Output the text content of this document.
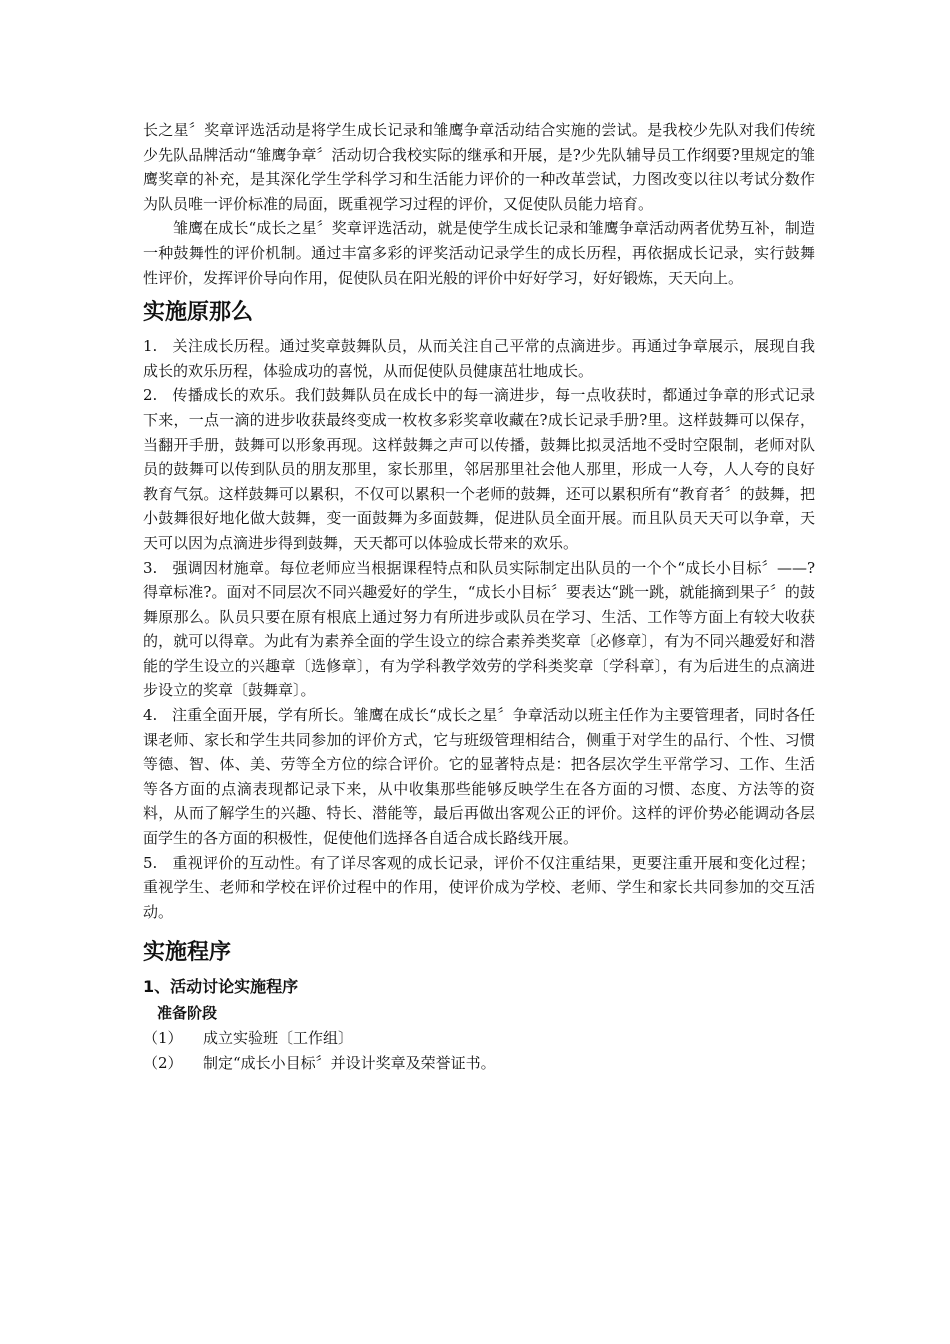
长之星〞奖章评选活动是将学生成长记录和雏鹰争章活动结合实施的尝试。是我校少先队对我们传统少先队品牌活动“雏鹰争章〞活动切合我校实际的继承和开展，是?少先队辅导员工作纲要?里规定的雏鹰奖章的补充，是其深化学生学科学习和生活能力评价的一种改革尝试，力图改变以往以考试分数作为队员唯一评价标准的局面，既重视学习过程的评价，又促使队员能力培育。

雏鹰在成长“成长之星〞奖章评选活动，就是使学生成长记录和雏鹰争章活动两者优势互补，制造一种鼓舞性的评价机制。通过丰富多彩的评奖活动记录学生的成长历程，再依据成长记录，实行鼓舞性评价，发挥评价导向作用，促使队员在阳光般的评价中好好学习，好好锻炼，天天向上。

实施原那么

1.   关注成长历程。通过奖章鼓舞队员，从而关注自己平常的点滴进步。再通过争章展示，展现自我成长的欢乐历程，体验成功的喜悦，从而促使队员健康茁壮地成长。

2.   传播成长的欢乐。我们鼓舞队员在成长中的每一滴进步，每一点收获时，都通过争章的形式记录下来，一点一滴的进步收获最终变成一枚枚多彩奖章收藏在?成长记录手册?里。这样鼓舞可以保存，当翻开手册，鼓舞可以形象再现。这样鼓舞之声可以传播，鼓舞比拟灵活地不受时空限制，老师对队员的鼓舞可以传到队员的朋友那里，家长那里，邻居那里社会他人那里，形成一人夸，人人夸的良好教育气氛。这样鼓舞可以累积，不仅可以累积一个老师的鼓舞，还可以累积所有“教育者〞的鼓舞，把小鼓舞很好地化做大鼓舞，变一面鼓舞为多面鼓舞，促进队员全面开展。而且队员天天可以争章，天天可以因为点滴进步得到鼓舞，天天都可以体验成长带来的欢乐。

3.   强调因材施章。每位老师应当根据课程特点和队员实际制定出队员的一个个“成长小目标〞——?得章标准?。面对不同层次不同兴趣爱好的学生，“成长小目标〞要表达“跳一跳，就能摘到果子〞的鼓舞原那么。队员只要在原有根底上通过努力有所进步或队员在学习、生活、工作等方面上有较大收获的，就可以得章。为此有为素养全面的学生设立的综合素养类奖章〔必修章〕，有为不同兴趣爱好和潜能的学生设立的兴趣章〔选修章〕，有为学科教学效劳的学科类奖章〔学科章〕，有为后进生的点滴进步设立的奖章〔鼓舞章〕。

4.   注重全面开展，学有所长。雏鹰在成长“成长之星〞争章活动以班主任作为主要管理者，同时各任课老师、家长和学生共同参加的评价方式，它与班级管理相结合，侧重于对学生的品行、个性、习惯等德、智、体、美、劳等全方位的综合评价。它的显著特点是：把各层次学生平常学习、工作、生活等各方面的点滴表现都记录下来，从中收集那些能够反映学生在各方面的习惯、态度、方法等的资料，从而了解学生的兴趣、特长、潜能等，最后再做出客观公正的评价。这样的评价势必能调动各层面学生的各方面的积极性，促使他们选择各自适合成长路线开展。

5.   重视评价的互动性。有了详尽客观的成长记录，评价不仅注重结果，更要注重开展和变化过程；重视学生、老师和学校在评价过程中的作用，使评价成为学校、老师、学生和家长共同参加的交互活动。

实施程序
1、活动讨论实施程序
准备阶段
（1）	成立实验班〔工作组〕
（2）	制定“成长小目标〞并设计奖章及荣誉证书。
